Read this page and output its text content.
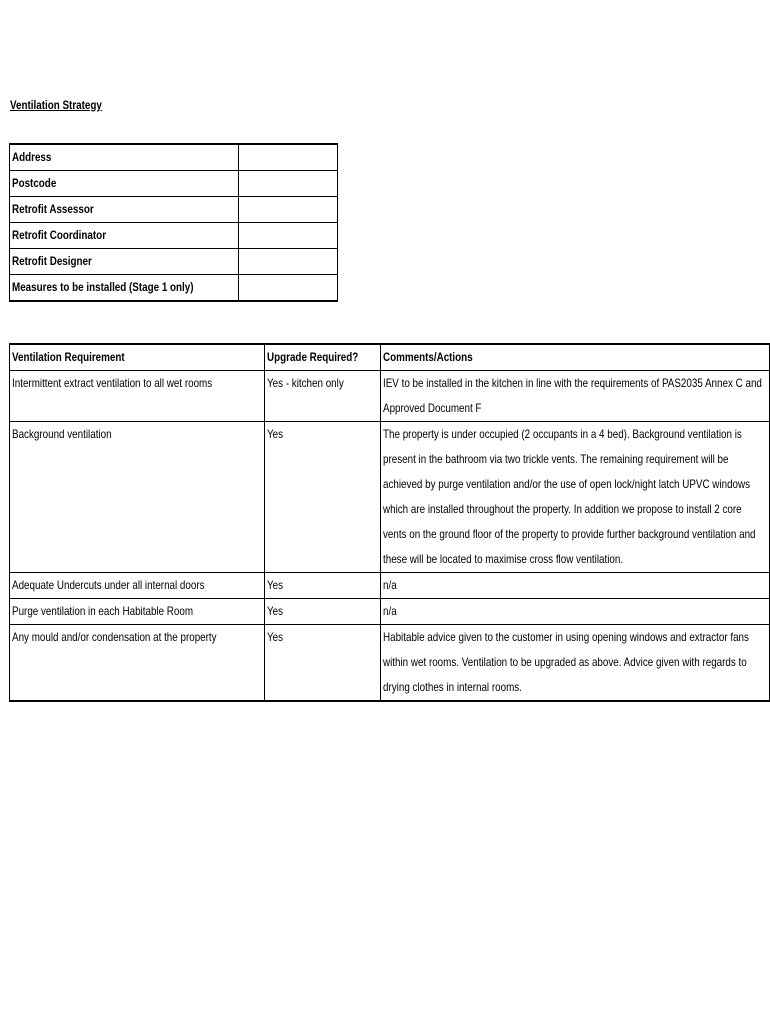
Ventilation Strategy
Address	

Postcode	

Retrofit Assessor	

Retrofit Coordinator	

Retrofit Designer	

Measures to be installed (Stage 1 only)	

Ventilation Requirement	Upgrade Required?	Comments/Actions

Intermittent extract ventilation to all wet rooms	Yes - kitchen only	IEV to be installed in the kitchen in line with the requirements of PAS2035 Annex C and Approved Document F

Background ventilation	Yes	The property is under occupied (2 occupants in a 4 bed). Background ventilation is present in the bathroom via two trickle vents. The remaining requirement will be achieved by purge ventilation and/or the use of open lock/night latch UPVC windows which are installed throughout the property. In addition we propose to install 2 core vents on the ground floor of the property to provide further background ventilation and these will be located to maximise cross flow ventilation.

Adequate Undercuts under all internal doors	Yes	n/a

Purge ventilation in each Habitable Room	Yes	n/a

Any mould and/or condensation at the property	Yes	Habitable advice given to the customer in using opening windows and extractor fans within wet rooms. Ventilation to be upgraded as above. Advice given with regards to drying clothes in internal rooms.
